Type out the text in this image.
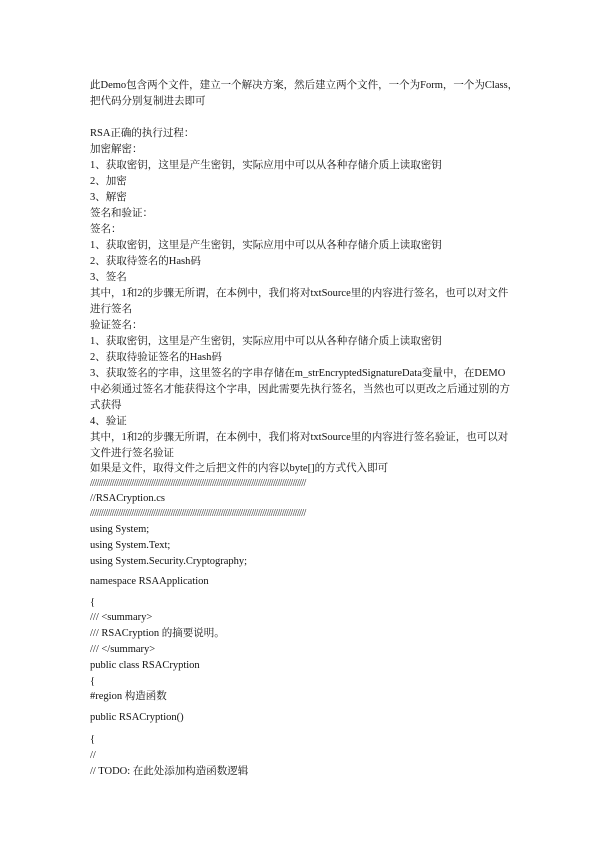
此Demo包含两个文件，建立一个解决方案，然后建立两个文件，一个为Form，一个为Class，
把代码分别复制进去即可
RSA正确的执行过程：
加密解密：
1、获取密钥，这里是产生密钥，实际应用中可以从各种存储介质上读取密钥
2、加密
3、解密
签名和验证：
签名：
1、获取密钥，这里是产生密钥，实际应用中可以从各种存储介质上读取密钥
2、获取待签名的Hash码
3、签名
其中，1和2的步骤无所谓，在本例中，我们将对txtSource里的内容进行签名，也可以对文件
进行签名
验证签名：
1、获取密钥，这里是产生密钥，实际应用中可以从各种存储介质上读取密钥
2、获取待验证签名的Hash码
3、获取签名的字串，这里签名的字串存储在m_strEncryptedSignatureData变量中，在DEMO
中必须通过签名才能获得这个字串，因此需要先执行签名，当然也可以更改之后通过别的方
式获得
4、验证
其中，1和2的步骤无所谓，在本例中，我们将对txtSource里的内容进行签名验证，也可以对
文件进行签名验证
如果是文件，取得文件之后把文件的内容以byte[]的方式代入即可
///////////////////////////////////////////////////////////////////////////////////////////////////
//RSACryption.cs
///////////////////////////////////////////////////////////////////////////////////////////////////
using System;
using System.Text;
using System.Security.Cryptography;
namespace RSAApplication
{
/// <summary>
/// RSACryption 的摘要说明。
/// </summary>
public class RSACryption
{
#region 构造函数
public RSACryption()
{
//
// TODO: 在此处添加构造函数逻辑
